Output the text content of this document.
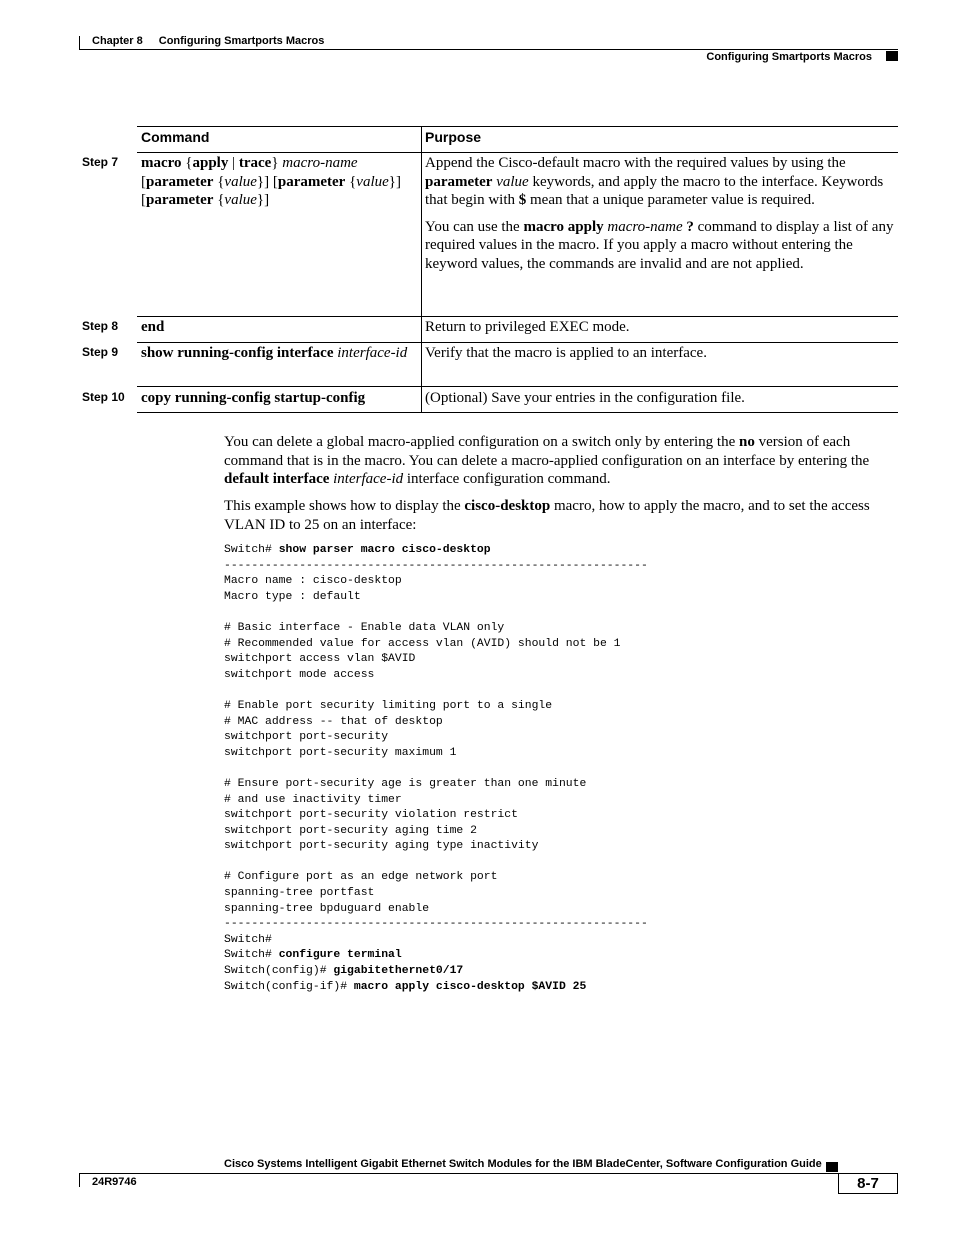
Chapter 8 Configuring Smartports Macros
Configuring Smartports Macros
Command	Purpose
Step 7
Step 8
Step 9
Step 10
macro {apply | trace} macro-name [parameter {value}] [parameter {value}] [parameter {value}]
end
show running-config interface interface-id
copy running-config startup-config

Append the Cisco-default macro with the required values by using the parameter value keywords, and apply the macro to the interface. Keywords that begin with $ mean that a unique parameter value is required.

You can use the macro apply macro-name ? command to display a list of any required values in the macro. If you apply a macro without entering the keyword values, the commands are invalid and are not applied.

Return to privileged EXEC mode.

Verify that the macro is applied to an interface.

(Optional) Save your entries in the configuration file.

You can delete a global macro-applied configuration on a switch only by entering the no version of each command that is in the macro. You can delete a macro-applied configuration on an interface by entering the default interface interface-id interface configuration command.

This example shows how to display the cisco-desktop macro, how to apply the macro, and to set the access VLAN ID to 25 on an interface:

Switch# show parser macro cisco-desktop
--------------------------------------------------------------
Macro name : cisco-desktop
Macro type : default

# Basic interface - Enable data VLAN only
# Recommended value for access vlan (AVID) should not be 1
switchport access vlan $AVID
switchport mode access

# Enable port security limiting port to a single
# MAC address -- that of desktop
switchport port-security
switchport port-security maximum 1

# Ensure port-security age is greater than one minute
# and use inactivity timer
switchport port-security violation restrict
switchport port-security aging time 2
switchport port-security aging type inactivity

# Configure port as an edge network port
spanning-tree portfast
spanning-tree bpduguard enable
--------------------------------------------------------------
Switch#
Switch# configure terminal
Switch(config)# gigabitethernet0/17
Switch(config-if)# macro apply cisco-desktop $AVID 25
Cisco Systems Intelligent Gigabit Ethernet Switch Modules for the IBM BladeCenter, Software Configuration Guide
24R9746	8-7
